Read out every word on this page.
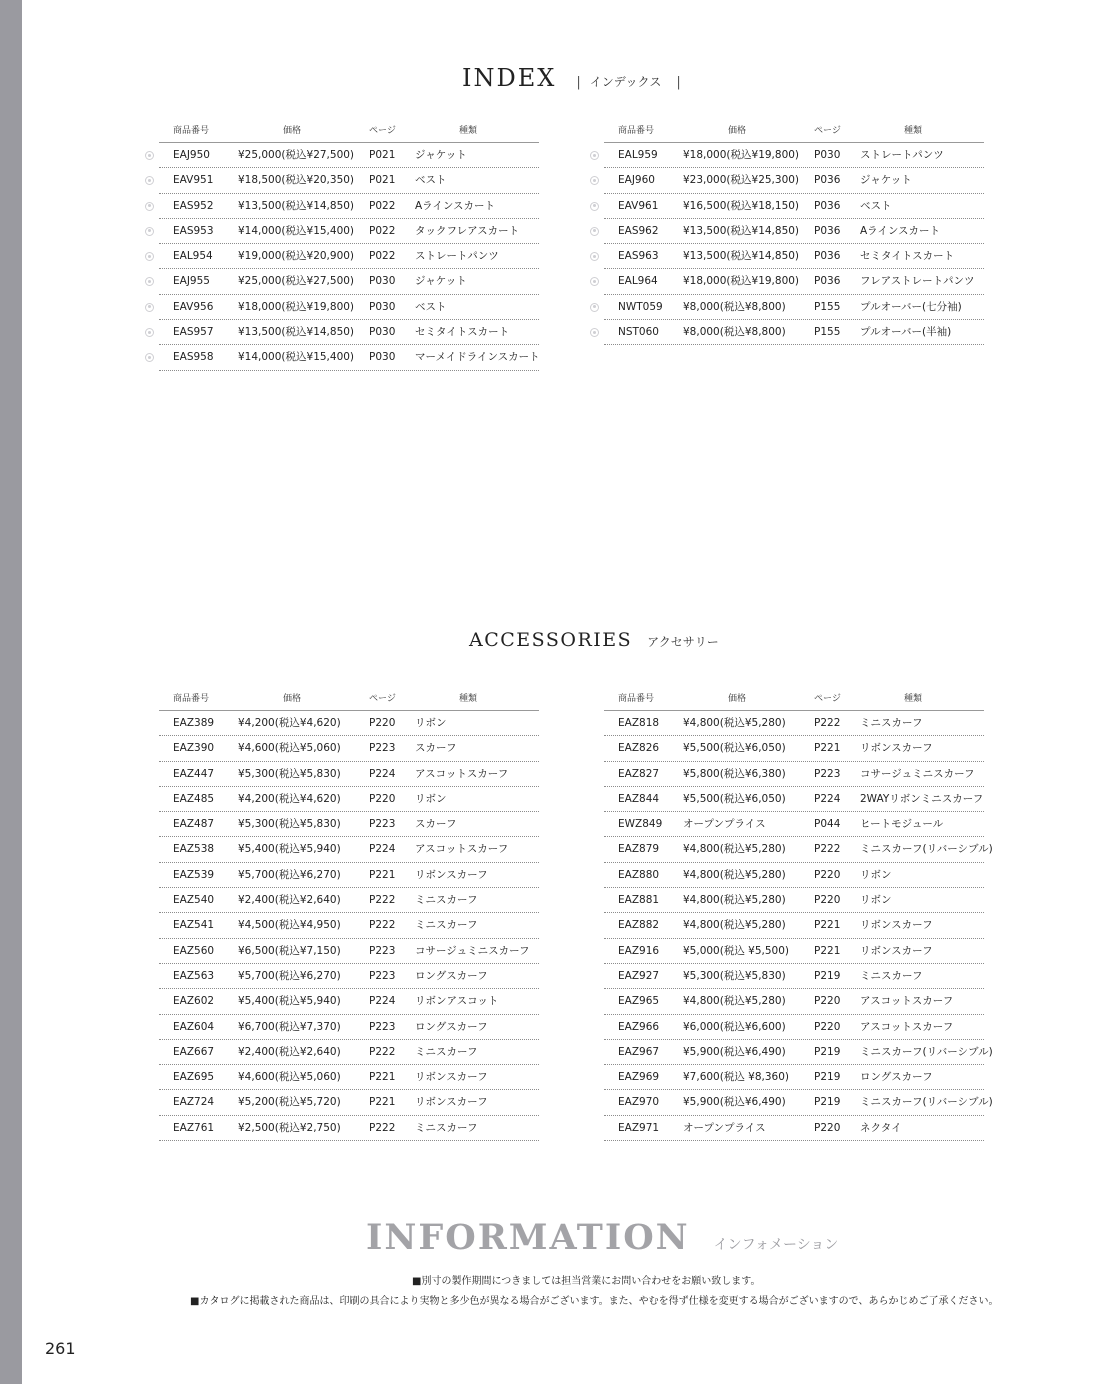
INDEX | インデックス |
商品番号	価格	ページ	種類
EAJ950	¥25,000(税込¥27,500) P021 ジャケット
EAV951 ¥18,500(税込¥20,350) P021 ベスト
EAS952 ¥13,500(税込¥14,850) P022 Aラインスカート
EAS953 ¥14,000(税込¥15,400) P022 タックフレアスカート
EAL954 ¥19,000(税込¥20,900) P022 ストレートパンツ
EAJ955	¥25,000(税込¥27,500) P030 ジャケット
EAV956 ¥18,000(税込¥19,800) P030 ベスト
EAS957 ¥13,500(税込¥14,850) P030 セミタイトスカート
EAS958 ¥14,000(税込¥15,400) P030 マーメイドラインスカート
商品番号	価格	ページ	種類
EAL959 ¥18,000(税込¥19,800) P030 ストレートパンツ
EAJ960	¥23,000(税込¥25,300) P036 ジャケット
EAV961 ¥16,500(税込¥18,150) P036 ベスト
EAS962 ¥13,500(税込¥14,850) P036 Aラインスカート
EAS963 ¥13,500(税込¥14,850) P036 セミタイトスカート
EAL964 ¥18,000(税込¥19,800) P036 フレアストレートパンツ
NWT059 ¥8,000(税込¥8,800)	P155 プルオーバー(七分袖)
NST060 ¥8,000(税込¥8,800)	P155 プルオーバー(半袖)
ACCESSORIES アクセサリー
商品番号	価格	ページ	種類
EAZ389 ¥4,200(税込¥4,620)	P220 リボン
EAZ390 ¥4,600(税込¥5,060)	P223 スカーフ
EAZ447 ¥5,300(税込¥5,830)	P224 アスコットスカーフ
EAZ485 ¥4,200(税込¥4,620)	P220 リボン
EAZ487 ¥5,300(税込¥5,830)	P223 スカーフ
EAZ538 ¥5,400(税込¥5,940)	P224 アスコットスカーフ
EAZ539 ¥5,700(税込¥6,270)	P221 リボンスカーフ
EAZ540 ¥2,400(税込¥2,640)	P222 ミニスカーフ
EAZ541 ¥4,500(税込¥4,950)	P222 ミニスカーフ
EAZ560 ¥6,500(税込¥7,150)	P223 コサージュミニスカーフ
EAZ563 ¥5,700(税込¥6,270)	P223 ロングスカーフ
EAZ602 ¥5,400(税込¥5,940)	P224 リボンアスコット
EAZ604 ¥6,700(税込¥7,370)	P223 ロングスカーフ
EAZ667 ¥2,400(税込¥2,640)	P222 ミニスカーフ
EAZ695 ¥4,600(税込¥5,060)	P221 リボンスカーフ
EAZ724 ¥5,200(税込¥5,720)	P221 リボンスカーフ
EAZ761 ¥2,500(税込¥2,750)	P222 ミニスカーフ
商品番号	価格	ページ	種類
EAZ818 ¥4,800(税込¥5,280)	P222 ミニスカーフ
EAZ826 ¥5,500(税込¥6,050)	P221 リボンスカーフ
EAZ827 ¥5,800(税込¥6,380)	P223 コサージュミニスカーフ
EAZ844 ¥5,500(税込¥6,050)	P224 2WAYリボンミニスカーフ
EWZ849 オープンプライス	P044 ヒートモジュール
EAZ879 ¥4,800(税込¥5,280)	P222 ミニスカーフ(リバーシブル)
EAZ880 ¥4,800(税込¥5,280)	P220 リボン
EAZ881 ¥4,800(税込¥5,280)	P220 リボン
EAZ882 ¥4,800(税込¥5,280)	P221 リボンスカーフ
EAZ916 ¥5,000(税込 ¥5,500) P221 リボンスカーフ
EAZ927 ¥5,300(税込¥5,830)	P219 ミニスカーフ
EAZ965 ¥4,800(税込¥5,280)	P220 アスコットスカーフ
EAZ966 ¥6,000(税込¥6,600)	P220 アスコットスカーフ
EAZ967 ¥5,900(税込¥6,490)	P219 ミニスカーフ(リバーシブル)
EAZ969 ¥7,600(税込 ¥8,360) P219 ロングスカーフ
EAZ970 ¥5,900(税込¥6,490)	P219 ミニスカーフ(リバーシブル)
EAZ971 オープンプライス	P220 ネクタイ
INFORMATION インフォメーション
■別寸の製作期間につきましては担当営業にお問い合わせをお願い致します。
■カタログに掲載された商品は、印刷の具合により実物と多少色が異なる場合がございます。また、やむを得ず仕様を変更する場合がございますので、あらかじめご了承ください。
261
